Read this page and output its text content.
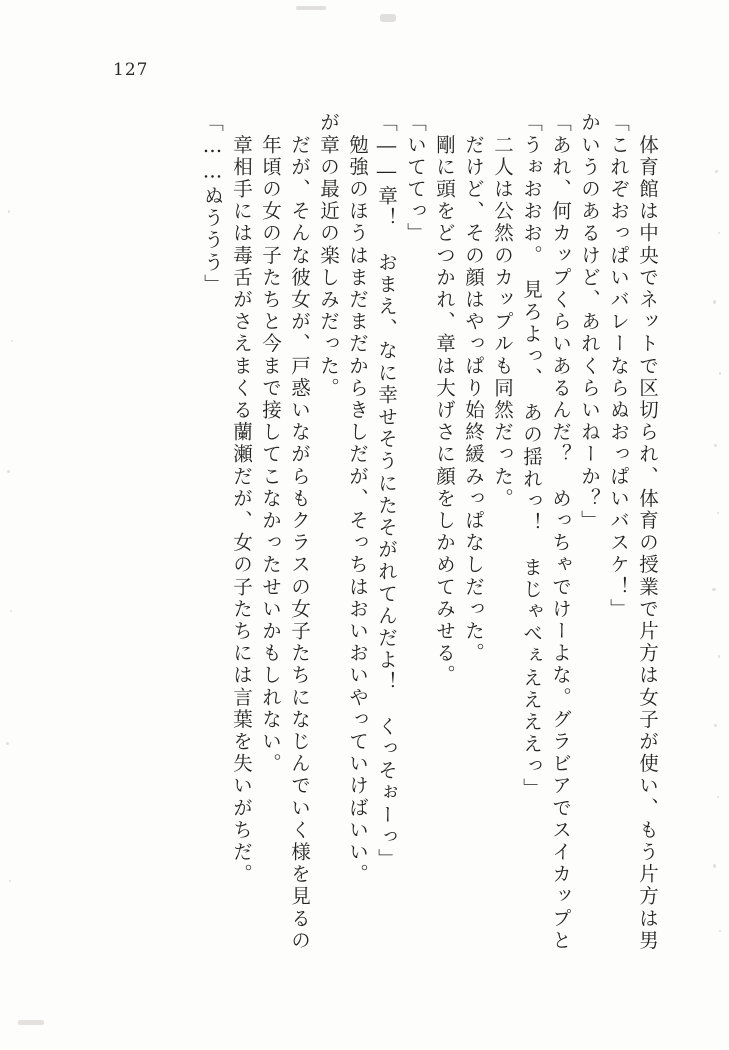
127
「……ぬううう」 　章相手には毒舌がさえまくる蘭瀬だが、女の子たちには言葉を失いがちだ。 　年頃の女の子たちと今まで接してこなかったせいかもしれない。 　だが、そんな彼女が、戸惑いながらもクラスの女子たちになじんでいく様を見るの が章の最近の楽しみだった。 　勉強のほうはまだまだからきしだが、そっちはおいおいやっていけばいい。 「――章！　おまえ、なに幸せそうにたそがれてんだよ！　くっそぉーっ」 「いててっ」 　剛に頭をどつかれ、章は大げさに顔をしかめてみせる。 　だけど、その顔はやっぱり始終緩みっぱなしだった。 　二人は公然のカップルも同然だった。 「うぉおおお。　見ろよっ、　あの揺れっ！　まじゃべぇええええっ」 「あれ、何カップくらいあるんだ？　めっちゃでけーよな。グラビアでスイカップと かいうのあるけど、あれくらいねーか？」 「これぞおっぱいバレーならぬおっぱいバスケ！」 　体育館は中央でネットで区切られ、体育の授業で片方は女子が使い、もう片方は男
